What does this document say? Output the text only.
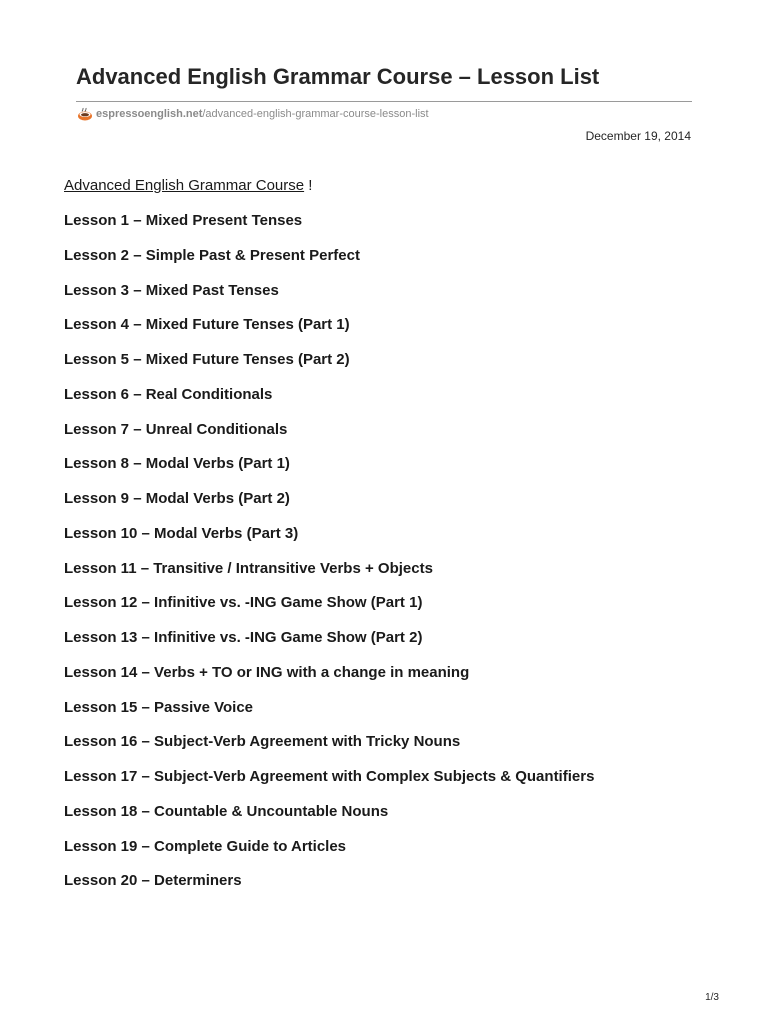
Advanced English Grammar Course – Lesson List
espressoenglish.net /advanced-english-grammar-course-lesson-list
December 19, 2014
Advanced English Grammar Course !
Lesson 1 – Mixed Present Tenses
Lesson 2 – Simple Past & Present Perfect
Lesson 3 – Mixed Past Tenses
Lesson 4 – Mixed Future Tenses (Part 1)
Lesson 5 – Mixed Future Tenses (Part 2)
Lesson 6 – Real Conditionals
Lesson 7 – Unreal Conditionals
Lesson 8 – Modal Verbs (Part 1)
Lesson 9 – Modal Verbs (Part 2)
Lesson 10 – Modal Verbs (Part 3)
Lesson 11 – Transitive / Intransitive Verbs + Objects
Lesson 12 – Infinitive vs. -ING Game Show (Part 1)
Lesson 13 – Infinitive vs. -ING Game Show (Part 2)
Lesson 14 – Verbs + TO or ING with a change in meaning
Lesson 15 – Passive Voice
Lesson 16 – Subject-Verb Agreement with Tricky Nouns
Lesson 17 – Subject-Verb Agreement with Complex Subjects & Quantifiers
Lesson 18 – Countable & Uncountable Nouns
Lesson 19 – Complete Guide to Articles
Lesson 20 – Determiners
1/3
